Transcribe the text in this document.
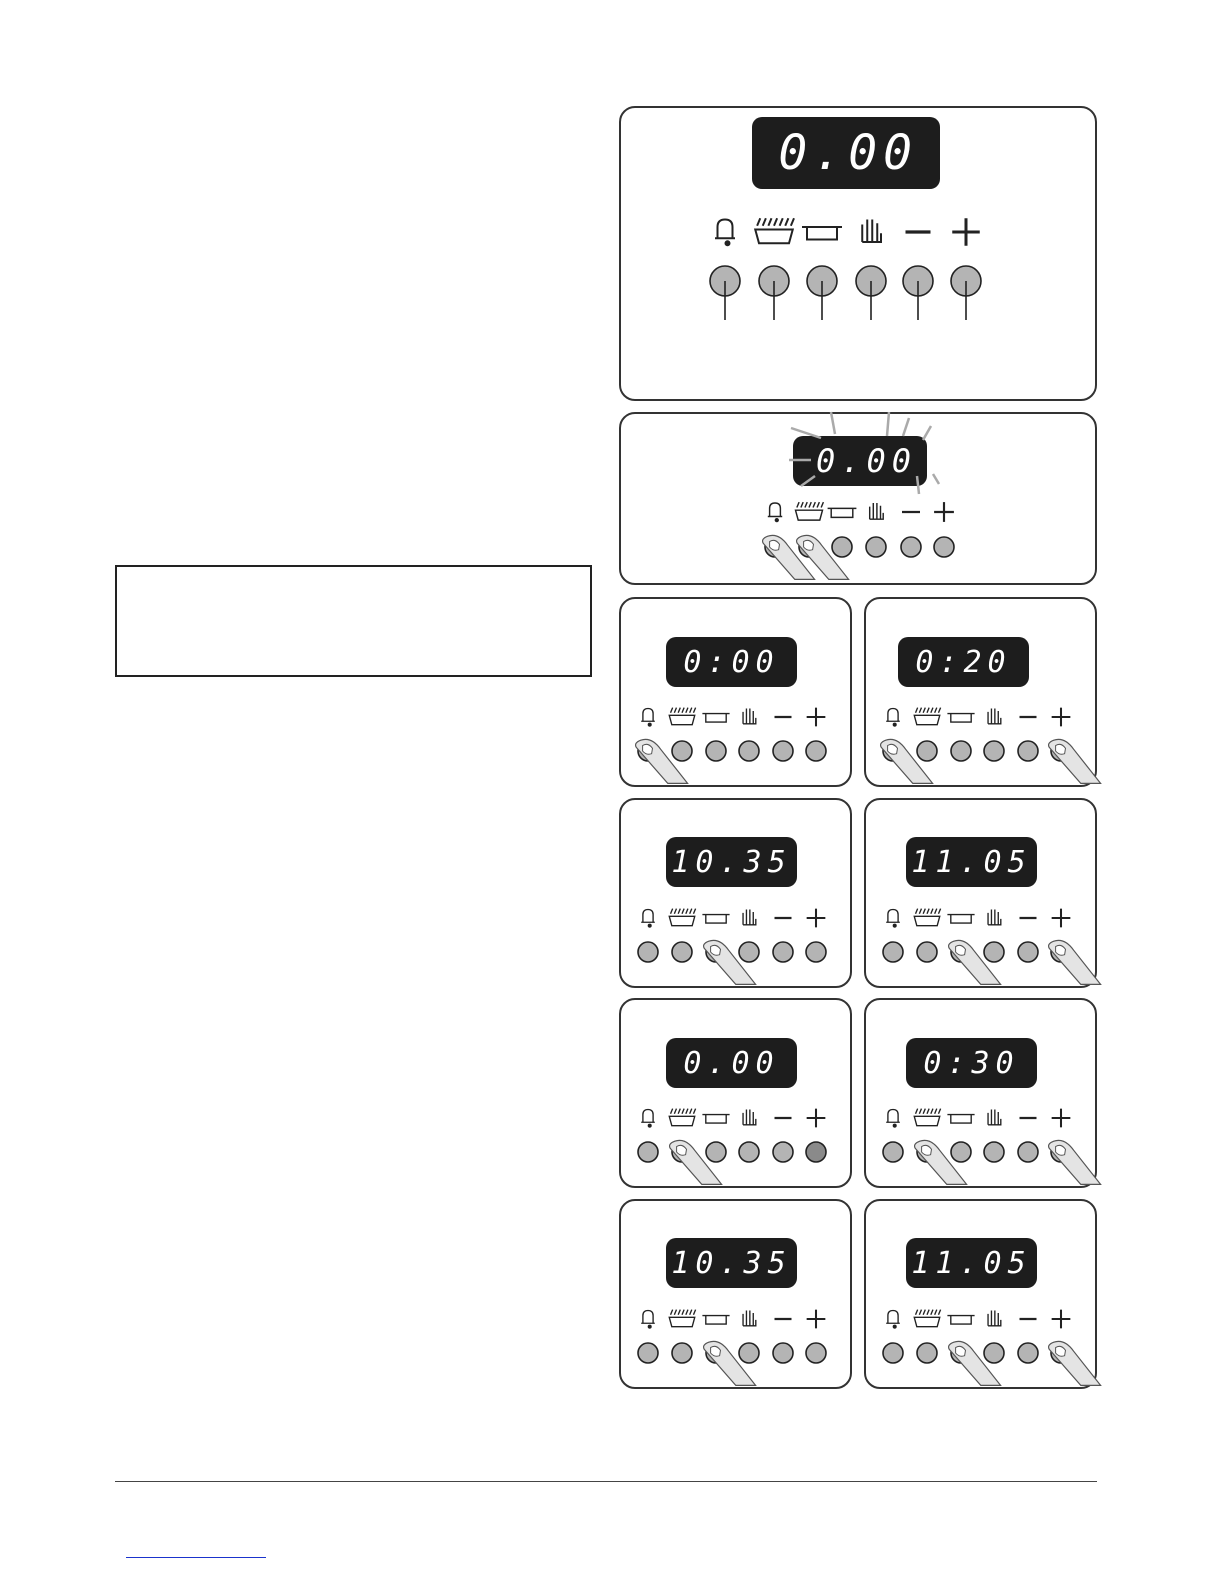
0.00
0.00
0:00	0:20
10.35	11.05
0.00	0:30
10.35	11.05
